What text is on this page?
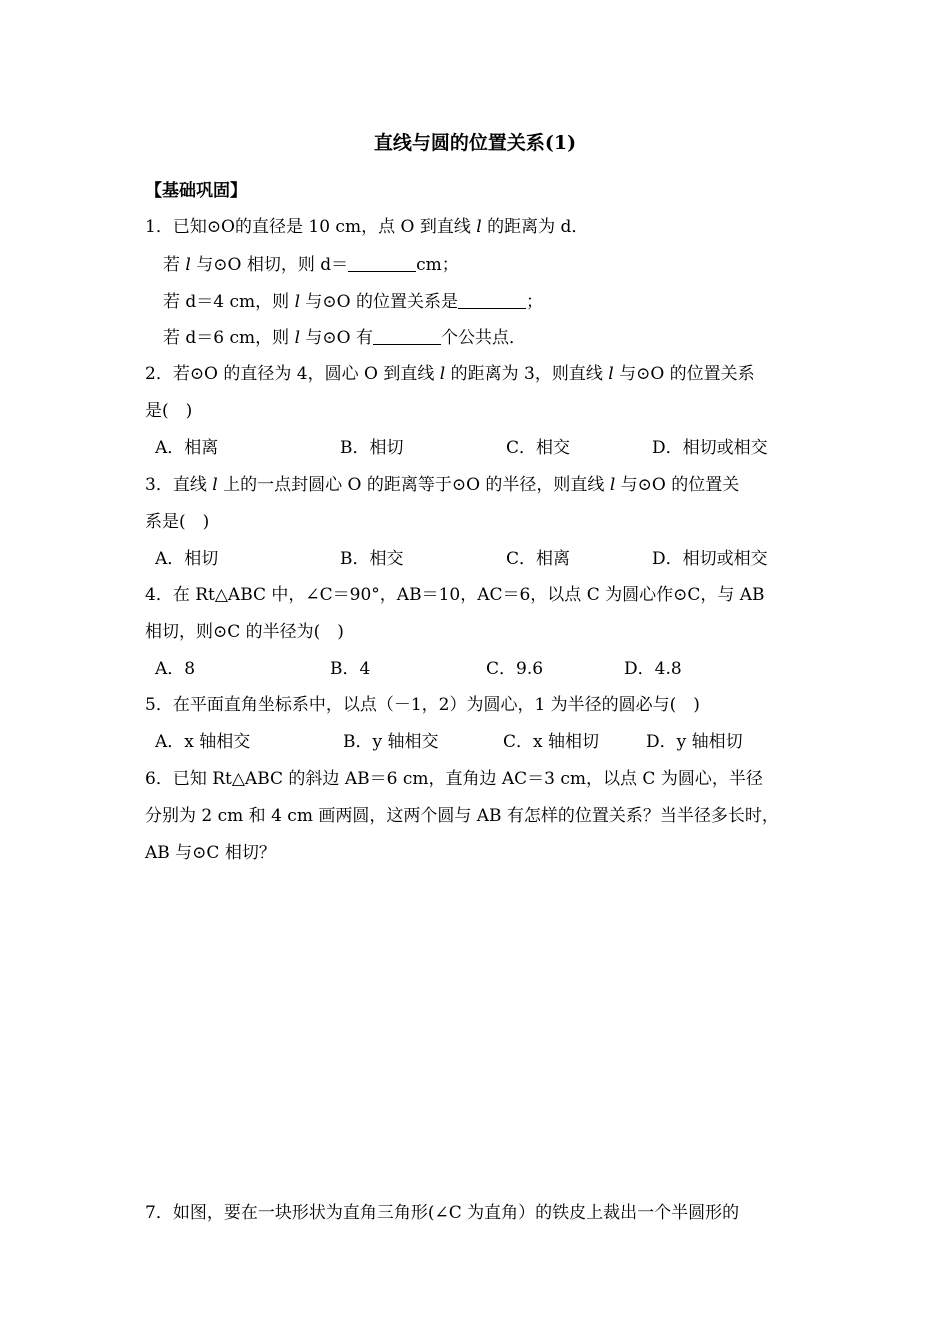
直线与圆的位置关系(1)
【基础巩固】
1．已知⊙O的直径是 10 cm，点 O 到直线 l 的距离为 d．
若 l 与⊙O 相切，则 d＝	cm；
若 d＝4 cm，则 l 与⊙O 的位置关系是	；
若 d＝6 cm，则 l 与⊙O 有	个公共点．
2．若⊙O 的直径为 4，圆心 O 到直线 l 的距离为 3，则直线 l 与⊙O 的位置关系
是(　)
A．相离	B．相切	C．相交	D．相切或相交
3．直线 l 上的一点封圆心 O 的距离等于⊙O 的半径，则直线 l 与⊙O 的位置关
系是(　)
A．相切	B．相交	C．相离	D．相切或相交
4．在 Rt△ABC 中，∠C＝90°，AB＝10，AC＝6，以点 C 为圆心作⊙C，与 AB
相切，则⊙C 的半径为(　)
A．8	B．4	C．9.6	D．4.8
5．在平面直角坐标系中，以点（－1，2）为圆心，1 为半径的圆必与(　)
A．x 轴相交	B．y 轴相交	C．x 轴相切	D．y 轴相切
6．已知 Rt△ABC 的斜边 AB＝6 cm，直角边 AC＝3 cm，以点 C 为圆心，半径
分别为 2 cm 和 4 cm 画两圆，这两个圆与 AB 有怎样的位置关系？当半径多长时，
AB 与⊙C 相切？
7．如图，要在一块形状为直角三角形(∠C 为直角）的铁皮上裁出一个半圆形的
